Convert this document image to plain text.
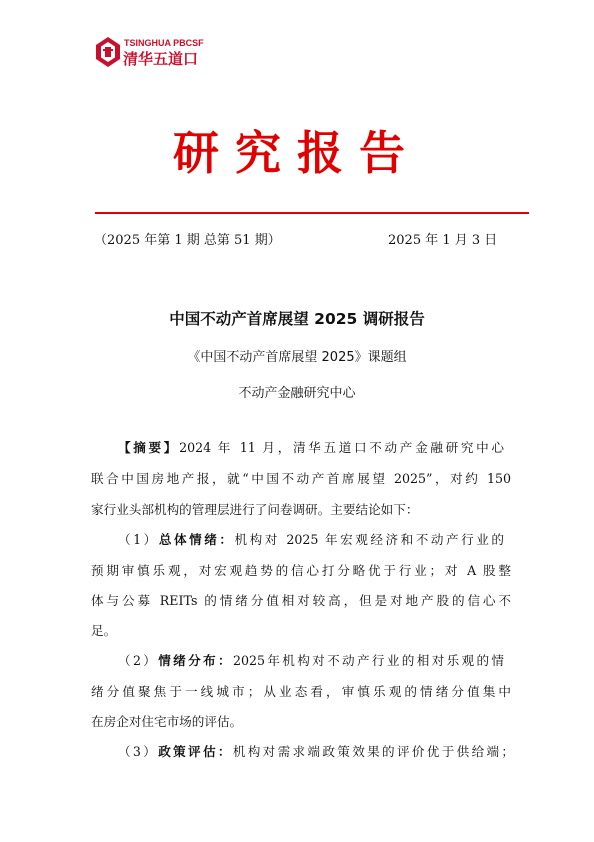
TSINGHUA PBCSF
清华五道口
研究报告
（2025 年第 1 期 总第 51 期）	2025 年 1 月 3 日
中国不动产首席展望 2025 调研报告
《中国不动产首席展望 2025》课题组
不动产金融研究中心
【摘要】2024 年 11 月，清华五道口不动产金融研究中心
联合中国房地产报，就“中国不动产首席展望 2025”，对约 150
家行业头部机构的管理层进行了问卷调研。主要结论如下：
（1）总体情绪：机构对 2025 年宏观经济和不动产行业的
预期审慎乐观，对宏观趋势的信心打分略优于行业；对 A 股整
体与公募 REITs 的情绪分值相对较高，但是对地产股的信心不
足。
（2）情绪分布：2025年机构对不动产行业的相对乐观的情
绪分值聚焦于一线城市；从业态看，审慎乐观的情绪分值集中
在房企对住宅市场的评估。
（3）政策评估：机构对需求端政策效果的评价优于供给端；
